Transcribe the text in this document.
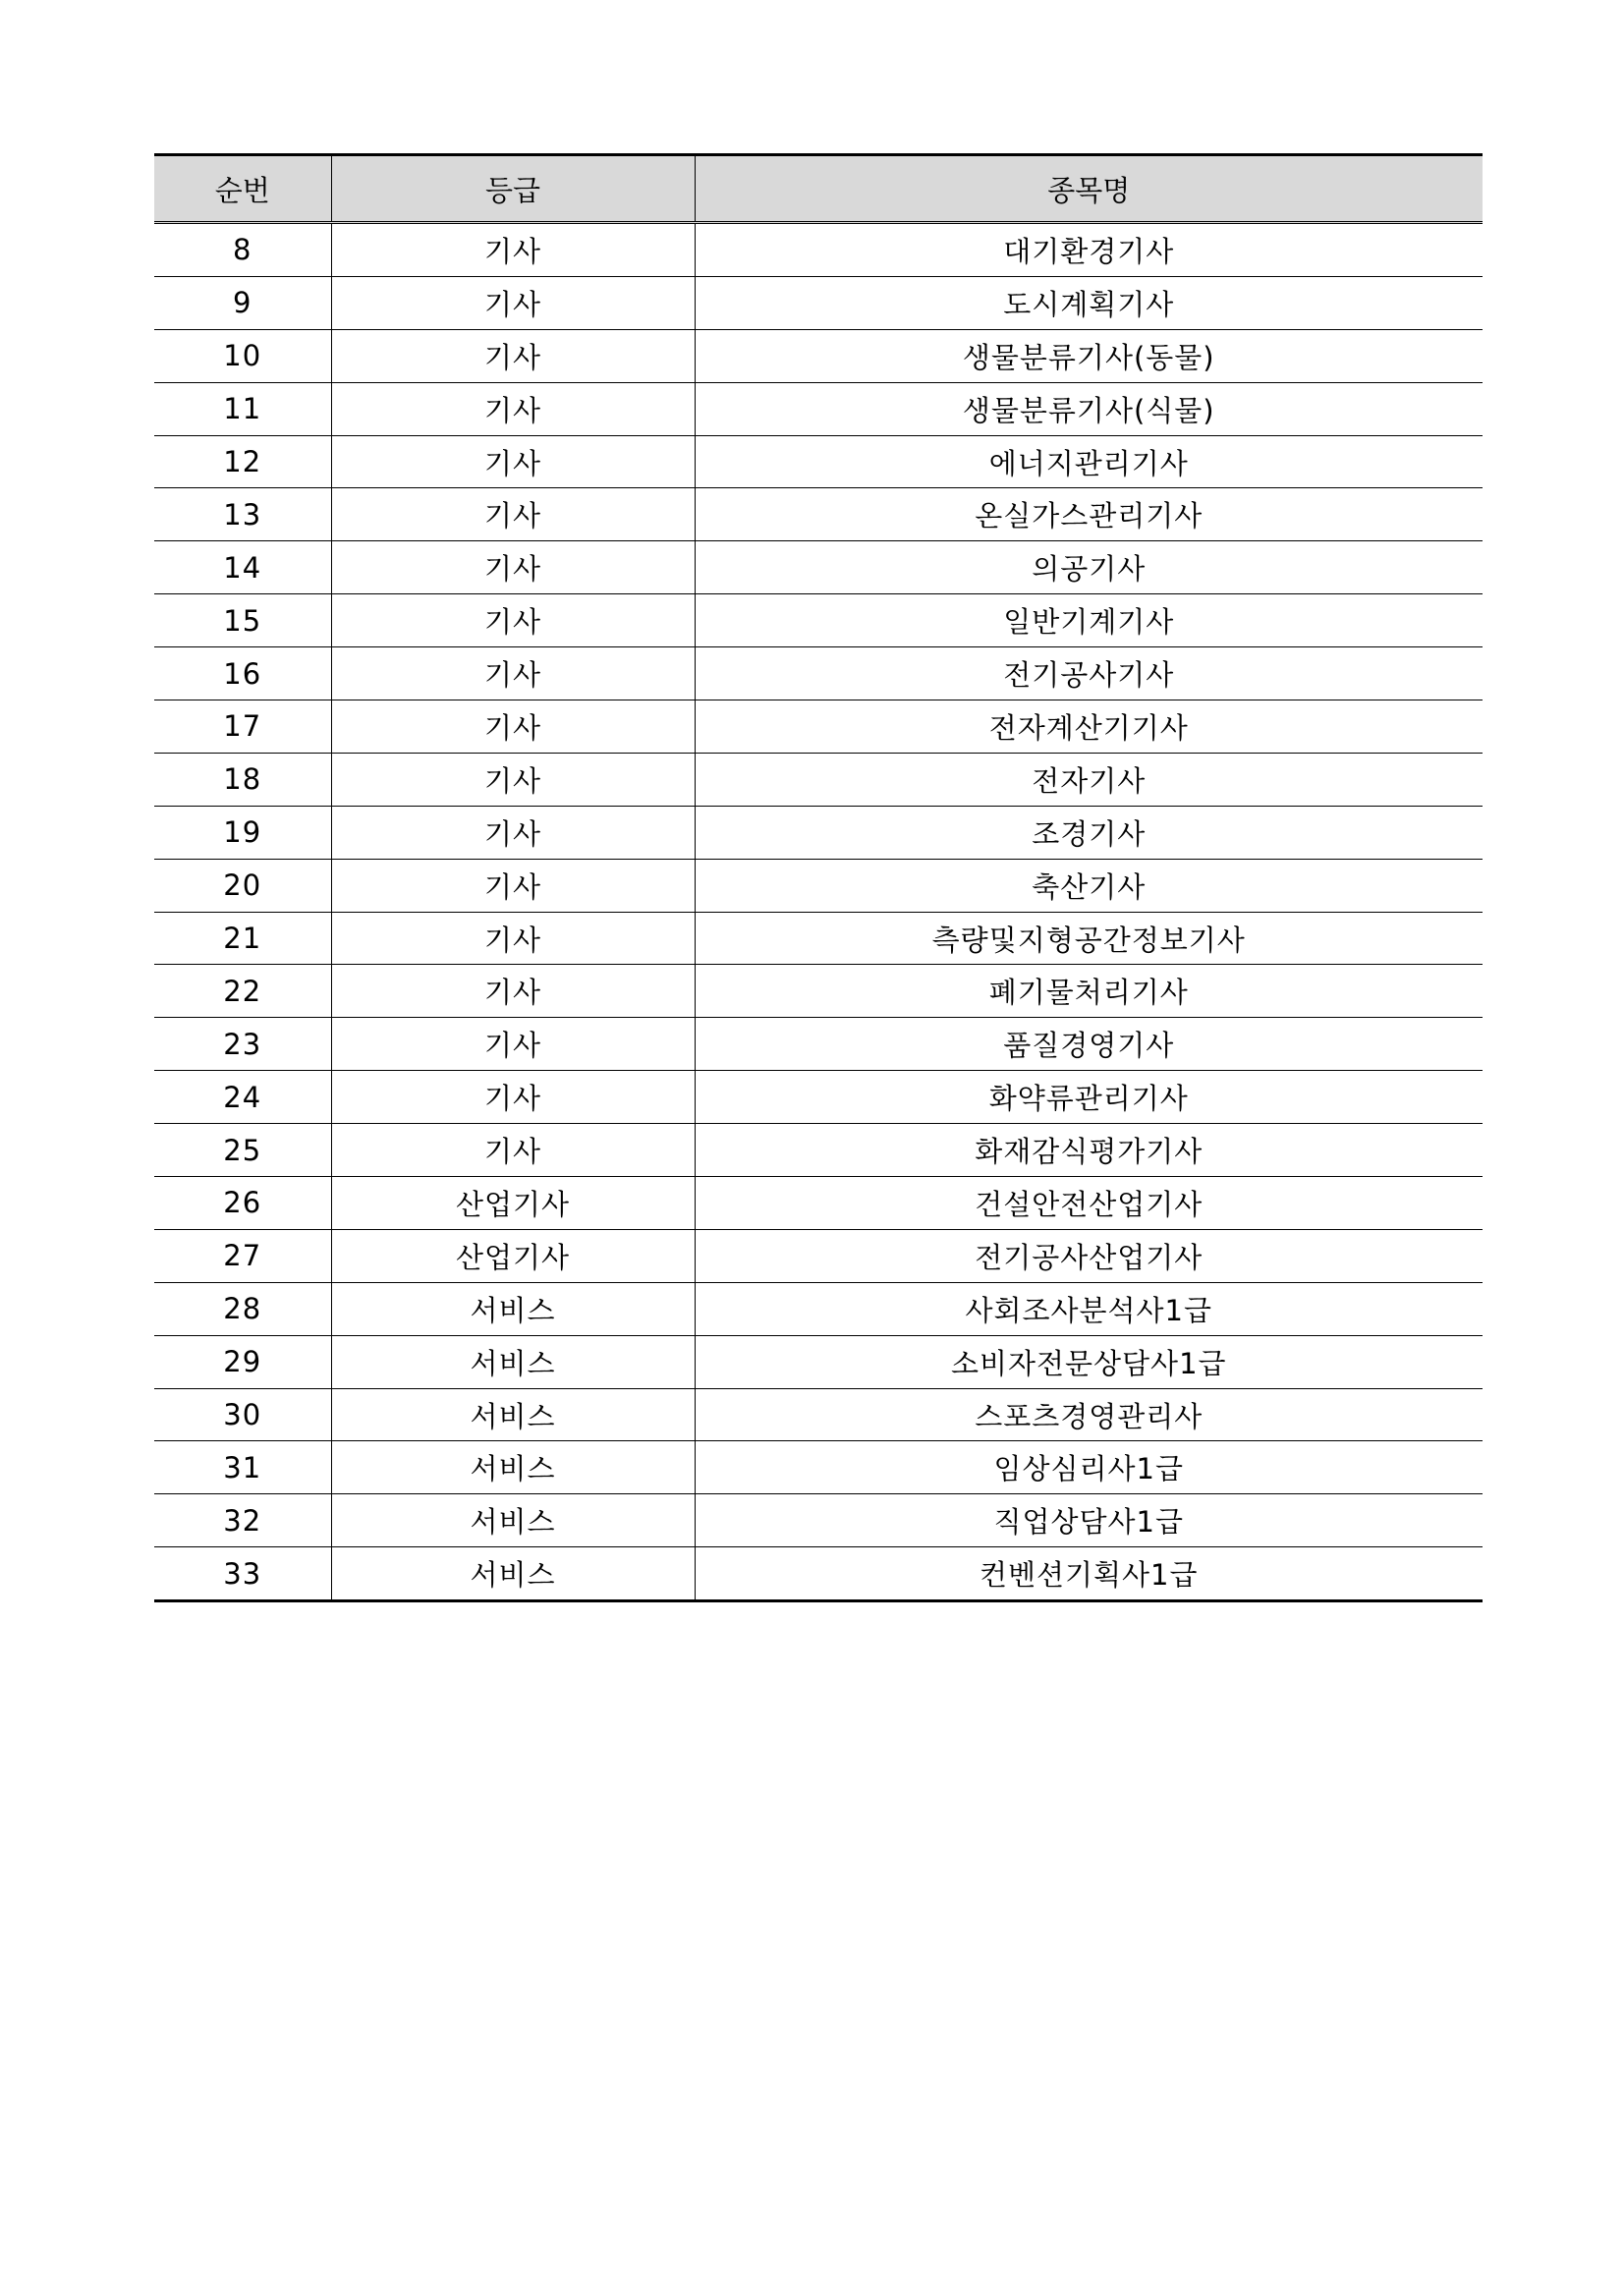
순번	등급	종목명
8	기사	대기환경기사
9	기사	도시계획기사
10	기사	생물분류기사(동물)
11	기사	생물분류기사(식물)
12	기사	에너지관리기사
13	기사	온실가스관리기사
14	기사	의공기사
15	기사	일반기계기사
16	기사	전기공사기사
17	기사	전자계산기기사
18	기사	전자기사
19	기사	조경기사
20	기사	축산기사
21	기사	측량및지형공간정보기사
22	기사	폐기물처리기사
23	기사	품질경영기사
24	기사	화약류관리기사
25	기사	화재감식평가기사
26	산업기사	건설안전산업기사
27	산업기사	전기공사산업기사
28	서비스	사회조사분석사1급
29	서비스	소비자전문상담사1급
30	서비스	스포츠경영관리사
31	서비스	임상심리사1급
32	서비스	직업상담사1급
33	서비스	컨벤션기획사1급
